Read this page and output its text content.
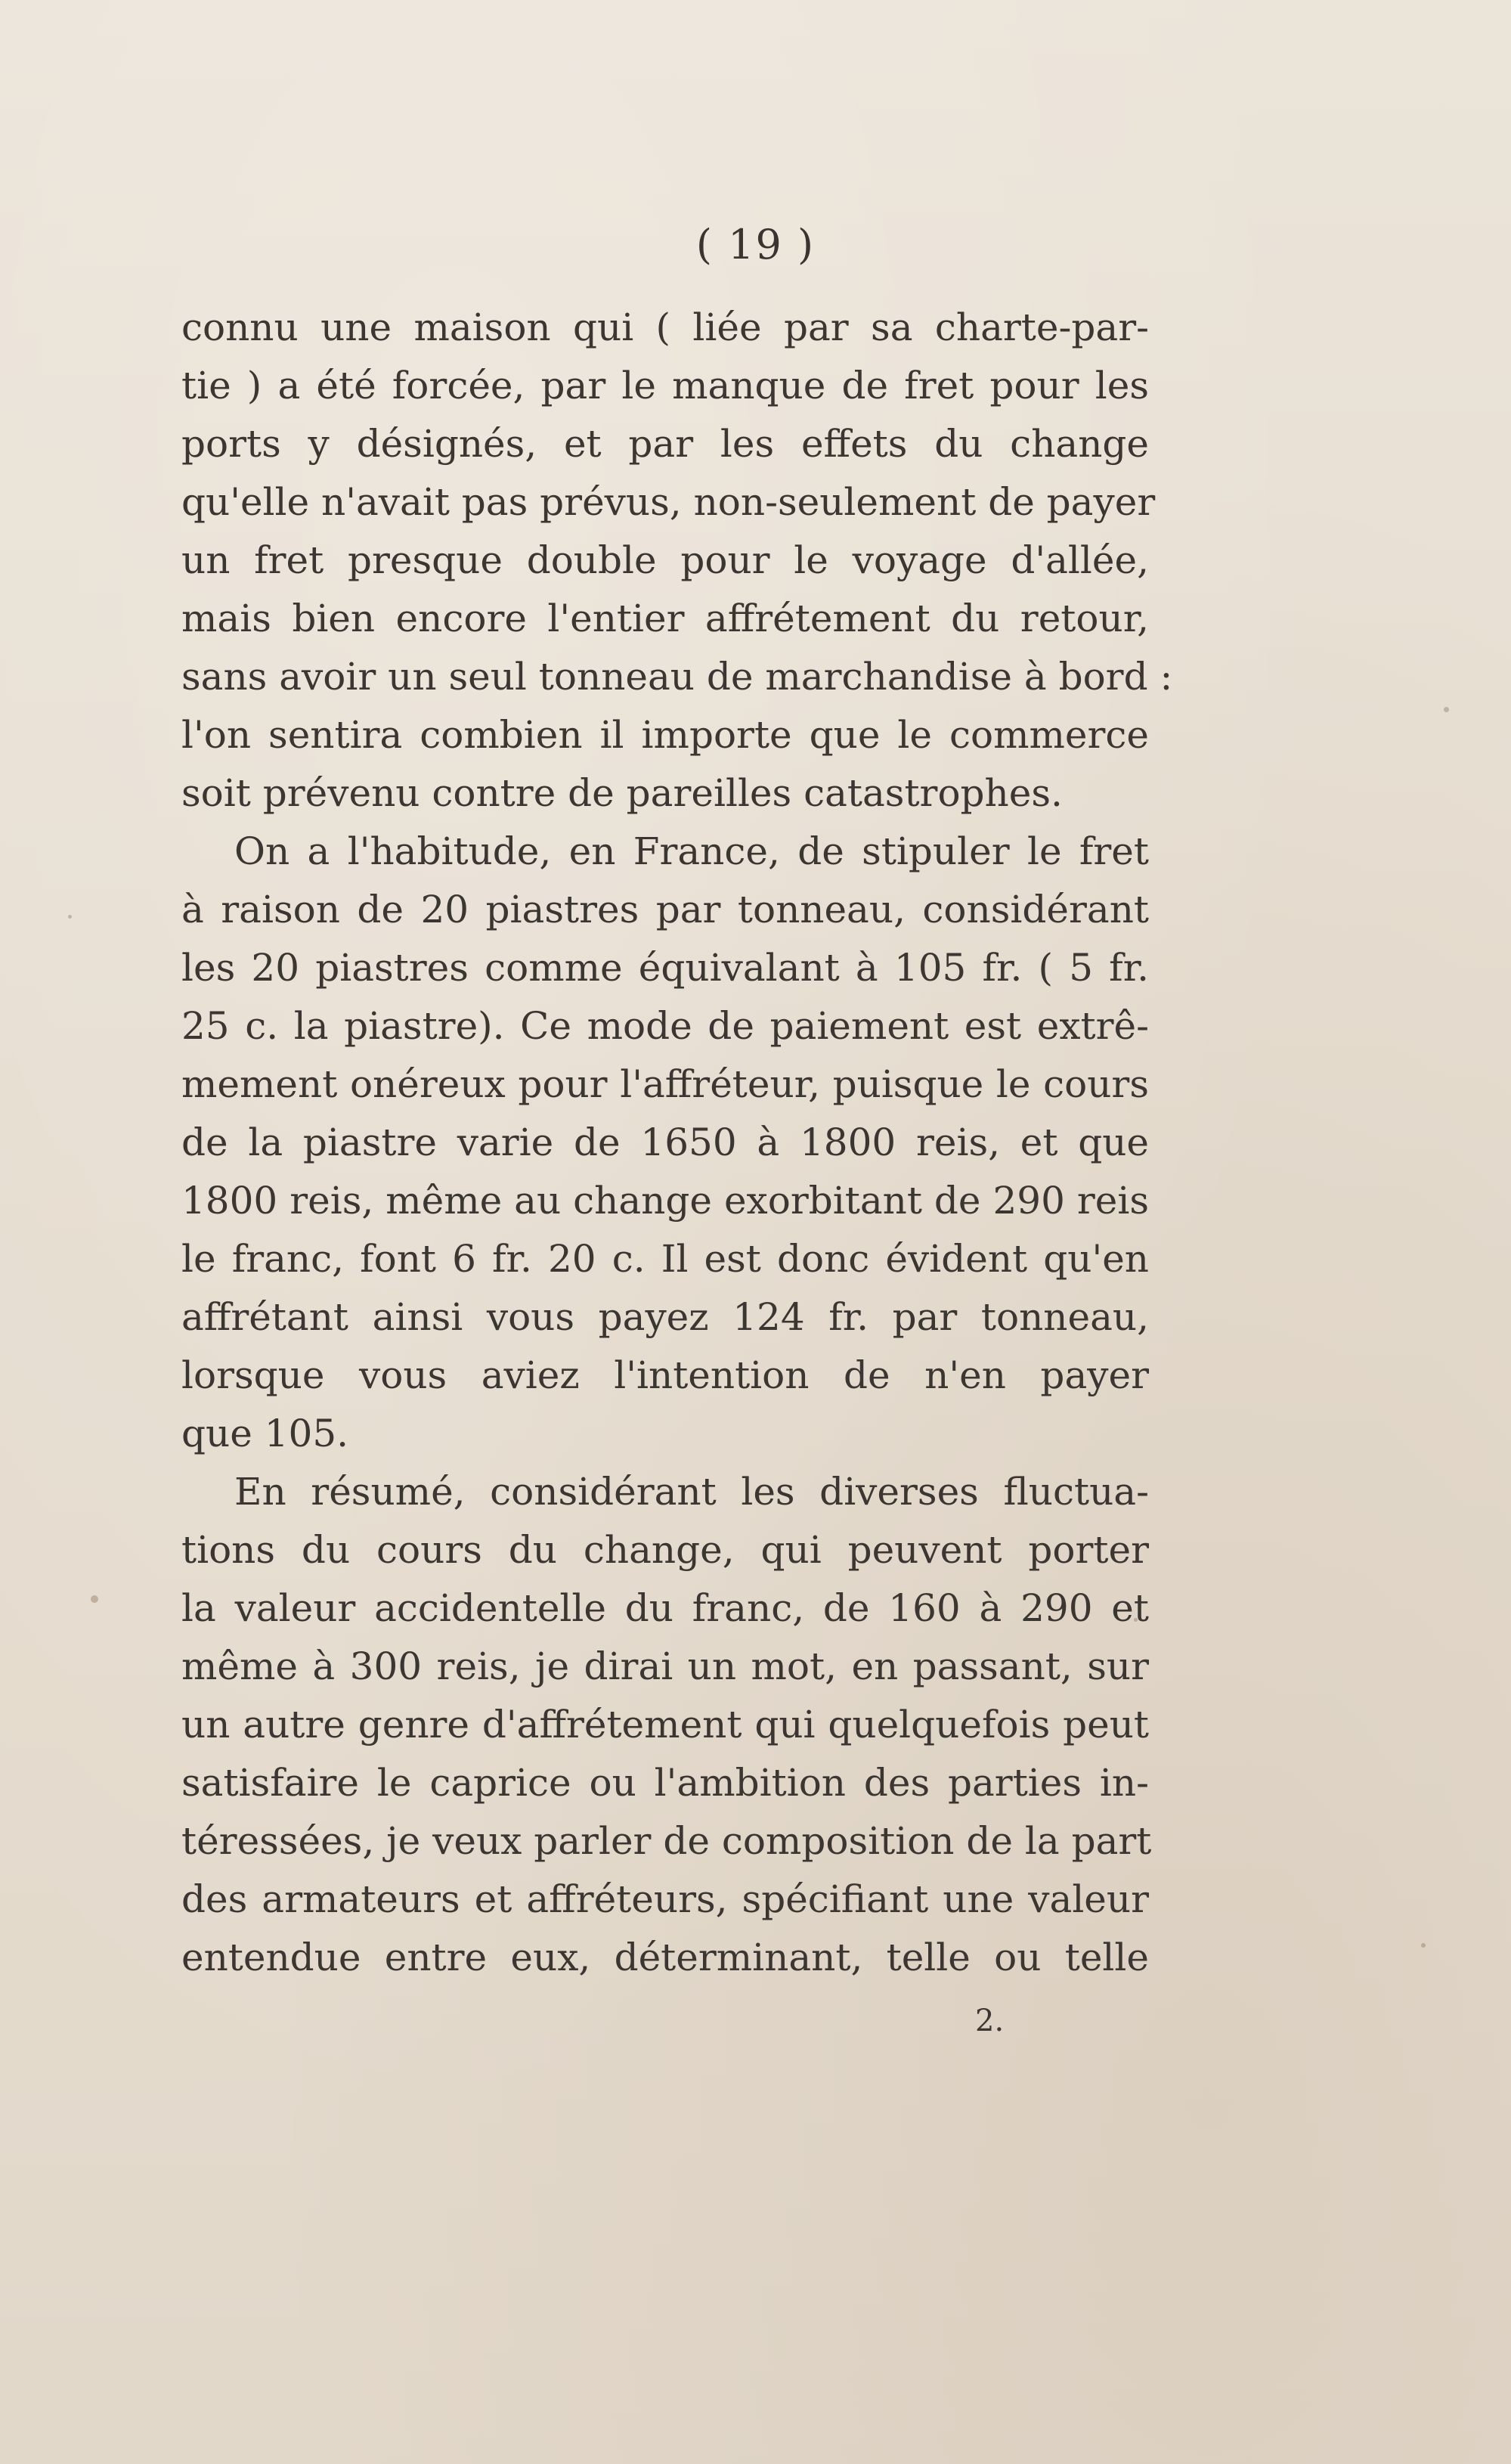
( 19 )
connu une maison qui ( liée par sa charte-par-
tie ) a été forcée, par le manque de fret pour les
ports y désignés, et par les effets du change
qu'elle n'avait pas prévus, non-seulement de payer
un fret presque double pour le voyage d'allée,
mais bien encore l'entier affrétement du retour,
sans avoir un seul tonneau de marchandise à bord :
l'on sentira combien il importe que le commerce
soit prévenu contre de pareilles catastrophes.
On a l'habitude, en France, de stipuler le fret
à raison de 20 piastres par tonneau, considérant
les 20 piastres comme équivalant à 105 fr. ( 5 fr.
25 c. la piastre). Ce mode de paiement est extrê-
mement onéreux pour l'affréteur, puisque le cours
de la piastre varie de 1650 à 1800 reis, et que
1800 reis, même au change exorbitant de 290 reis
le franc, font 6 fr. 20 c. Il est donc évident qu'en
affrétant ainsi vous payez 124 fr. par tonneau,
lorsque vous aviez l'intention de n'en payer
que 105.
En résumé, considérant les diverses fluctua-
tions du cours du change, qui peuvent porter
la valeur accidentelle du franc, de 160 à 290 et
même à 300 reis, je dirai un mot, en passant, sur
un autre genre d'affrétement qui quelquefois peut
satisfaire le caprice ou l'ambition des parties in-
téressées, je veux parler de composition de la part
des armateurs et affréteurs, spécifiant une valeur
entendue entre eux, déterminant, telle ou telle
2.
